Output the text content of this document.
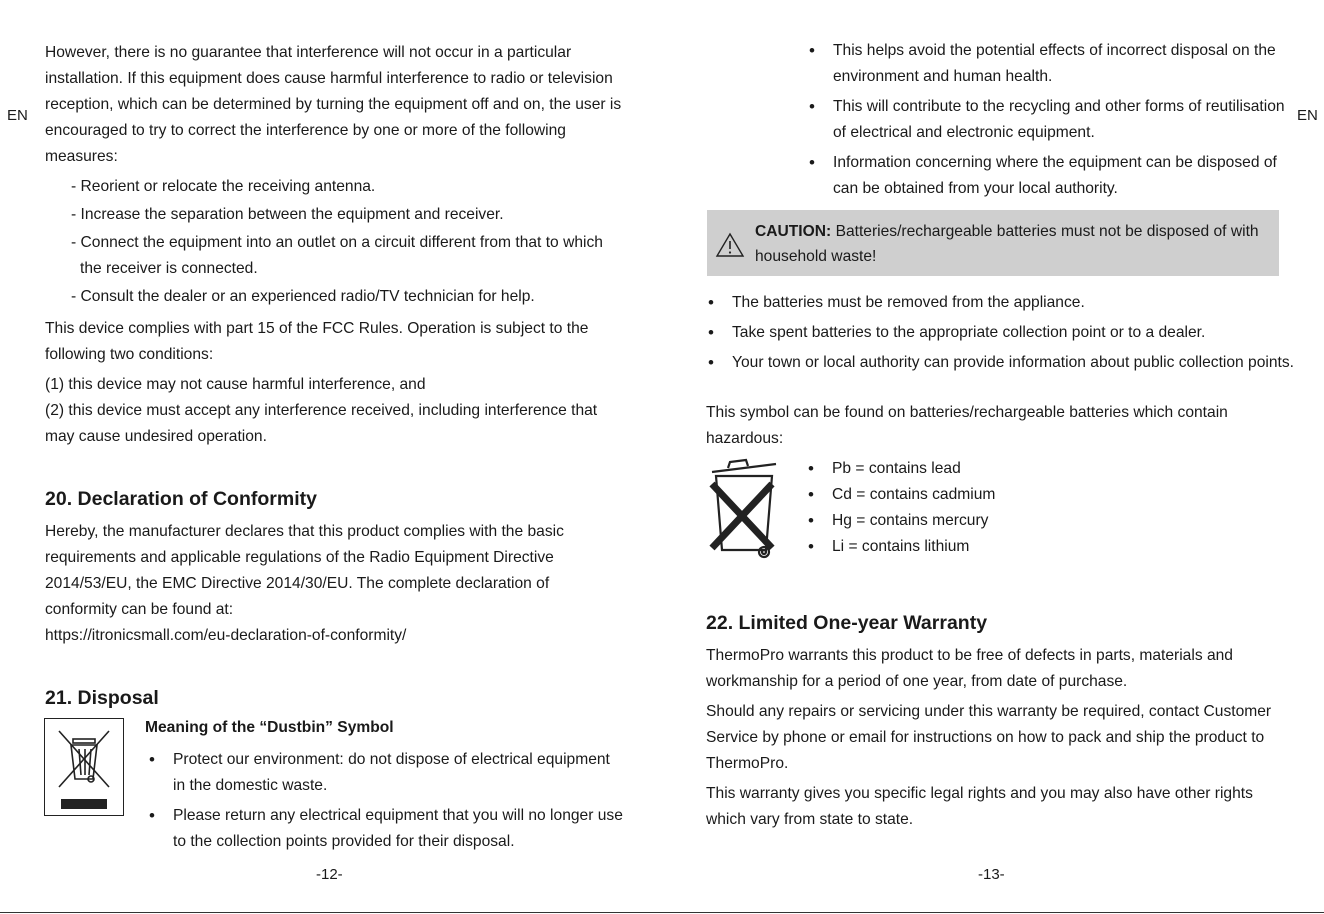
EN

However, there is no guarantee that interference will not occur in a particular installation. If this equipment does cause harmful interference to radio or television reception, which can be determined by turning the equipment off and on, the user is encouraged to try to correct the interference by one or more of the following measures:

- Reorient or relocate the receiving antenna.
- Increase the separation between the equipment and receiver.
- Connect the equipment into an outlet on a circuit different from that to which the receiver is connected.
- Consult the dealer or an experienced radio/TV technician for help.

This device complies with part 15 of the FCC Rules. Operation is subject to the following two conditions:

(1) this device may not cause harmful interference, and

(2) this device must accept any interference received, including interference that may cause undesired operation.

20. Declaration of Conformity

Hereby, the manufacturer declares that this product complies with the basic requirements and applicable regulations of the Radio Equipment Directive 2014/53/EU, the EMC Directive 2014/30/EU. The complete declaration of conformity can be found at:

https://itronicsmall.com/eu-declaration-of-conformity/

21. Disposal
Meaning of the “Dustbin” Symbol
• Protect our environment: do not dispose of electrical equipment in the domestic waste.
• Please return any electrical equipment that you will no longer use to the collection points provided for their disposal.
-12-
EN
• This helps avoid the potential effects of incorrect disposal on the environment and human health.
• This will contribute to the recycling and other forms of reutilisation of electrical and electronic equipment.
• Information concerning where the equipment can be disposed of can be obtained from your local authority.
CAUTION: Batteries/rechargeable batteries must not be disposed of with household waste!
• The batteries must be removed from the appliance.
• Take spent batteries to the appropriate collection point or to a dealer.
• Your town or local authority can provide information about public collection points.

This symbol can be found on batteries/rechargeable batteries which contain hazardous:

• Pb = contains lead
• Cd = contains cadmium
• Hg = contains mercury
• Li = contains lithium
22. Limited One-year Warranty

ThermoPro warrants this product to be free of defects in parts, materials and workmanship for a period of one year, from date of purchase.

Should any repairs or servicing under this warranty be required, contact Customer Service by phone or email for instructions on how to pack and ship the product to ThermoPro.

This warranty gives you specific legal rights and you may also have other rights which vary from state to state.

-13-
